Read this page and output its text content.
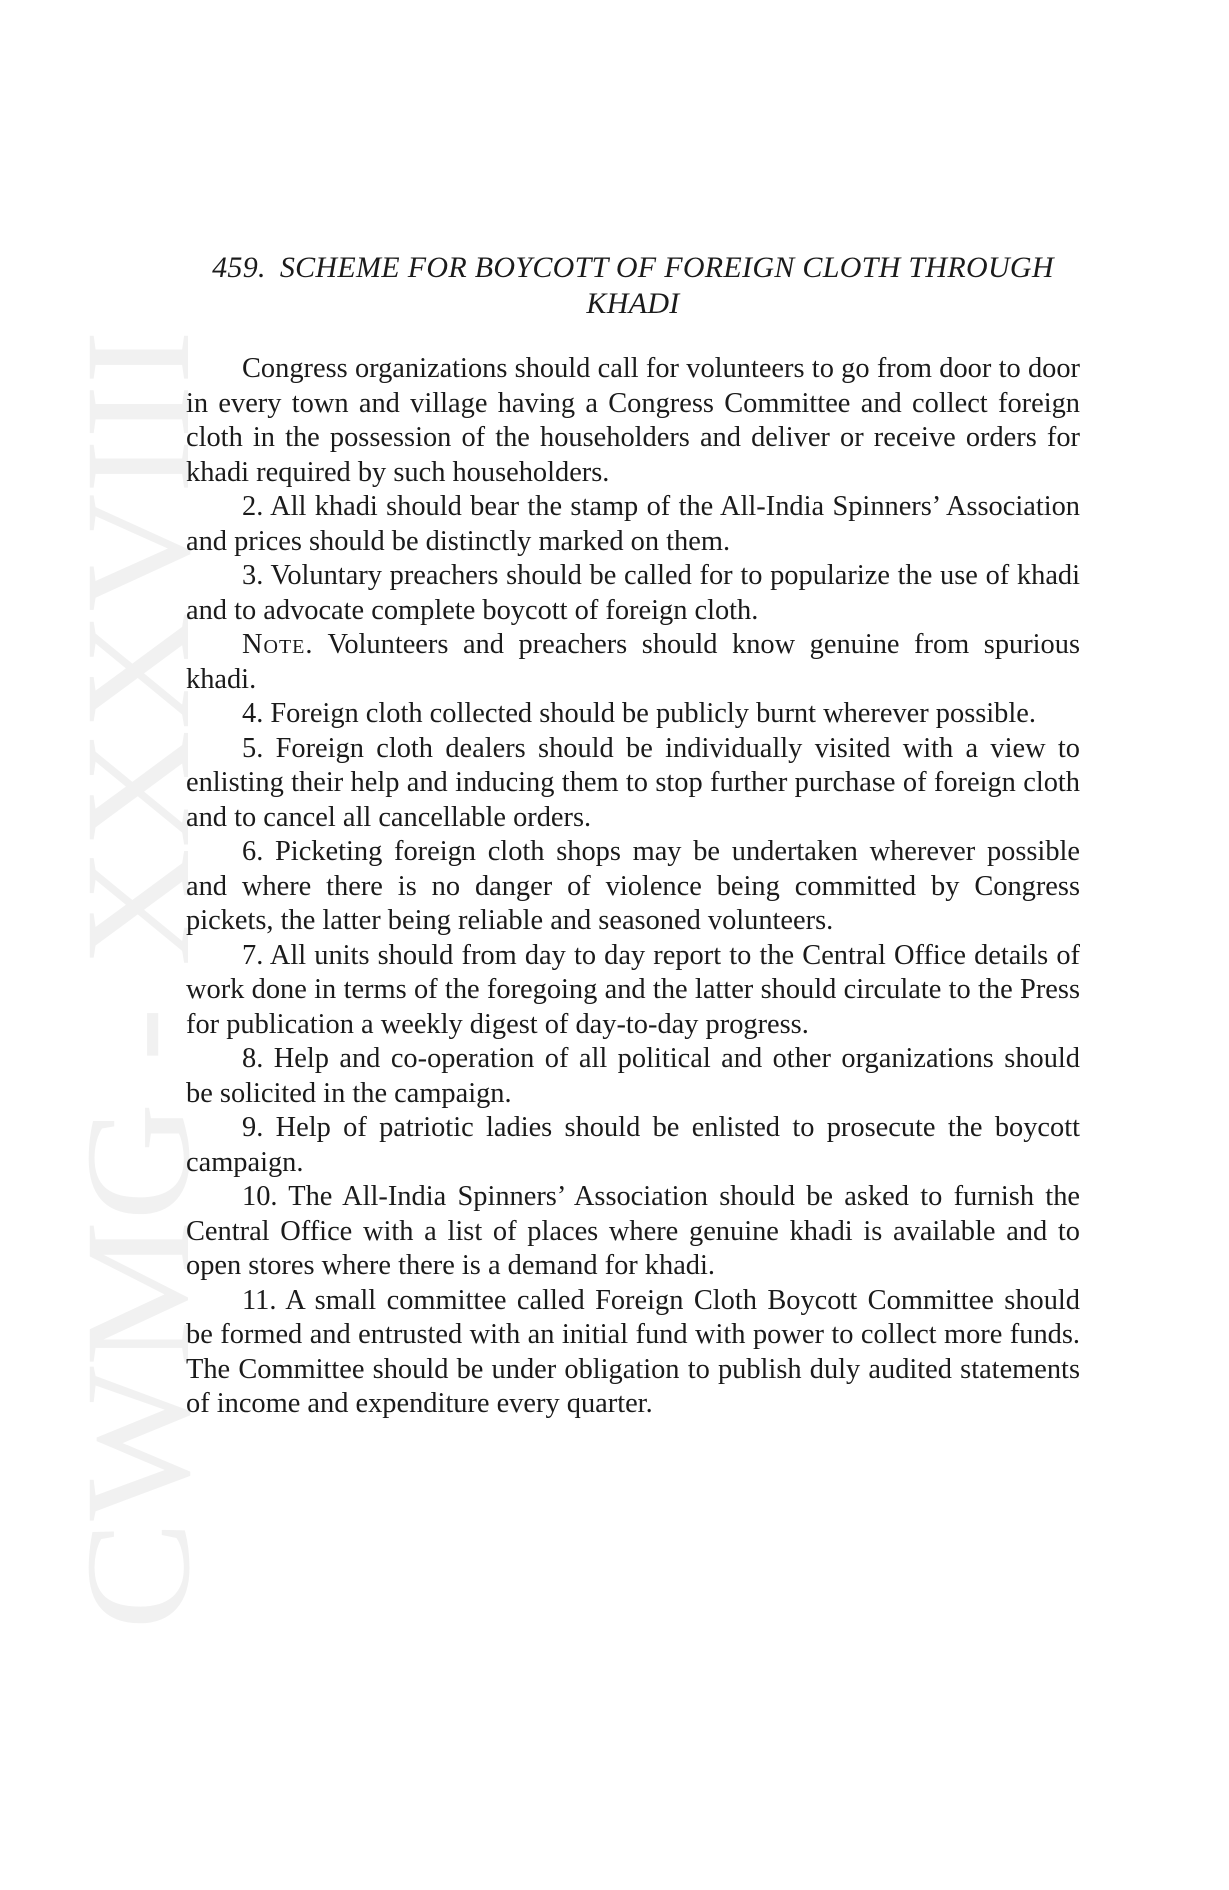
CWMG XXXVIII
459. SCHEME FOR BOYCOTT OF FOREIGN CLOTH THROUGH KHADI

Congress organizations should call for volunteers to go from door to door in every town and village having a Congress Committee and collect foreign cloth in the possession of the householders and deliver or receive orders for khadi required by such householders.

2. All khadi should bear the stamp of the All-India Spinners’ Association and prices should be distinctly marked on them.

3. Voluntary preachers should be called for to popularize the use of khadi and to advocate complete boycott of foreign cloth.

Note. Volunteers and preachers should know genuine from spurious khadi.

4. Foreign cloth collected should be publicly burnt wherever possible.

5. Foreign cloth dealers should be individually visited with a view to enlisting their help and inducing them to stop further purchase of foreign cloth and to cancel all cancellable orders.

6. Picketing foreign cloth shops may be undertaken wherever possible and where there is no danger of violence being committed by Congress pickets, the latter being reliable and seasoned volunteers.

7. All units should from day to day report to the Central Office details of work done in terms of the foregoing and the latter should circulate to the Press for publication a weekly digest of day-to-day progress.

8. Help and co-operation of all political and other organizations should be solicited in the campaign.

9. Help of patriotic ladies should be enlisted to prosecute the boycott campaign.

10. The All-India Spinners’ Association should be asked to furnish the Central Office with a list of places where genuine khadi is available and to open stores where there is a demand for khadi.

11. A small committee called Foreign Cloth Boycott Committee should be formed and entrusted with an initial fund with power to collect more funds. The Committee should be under obligation to publish duly audited statements of income and expenditure every quarter.
